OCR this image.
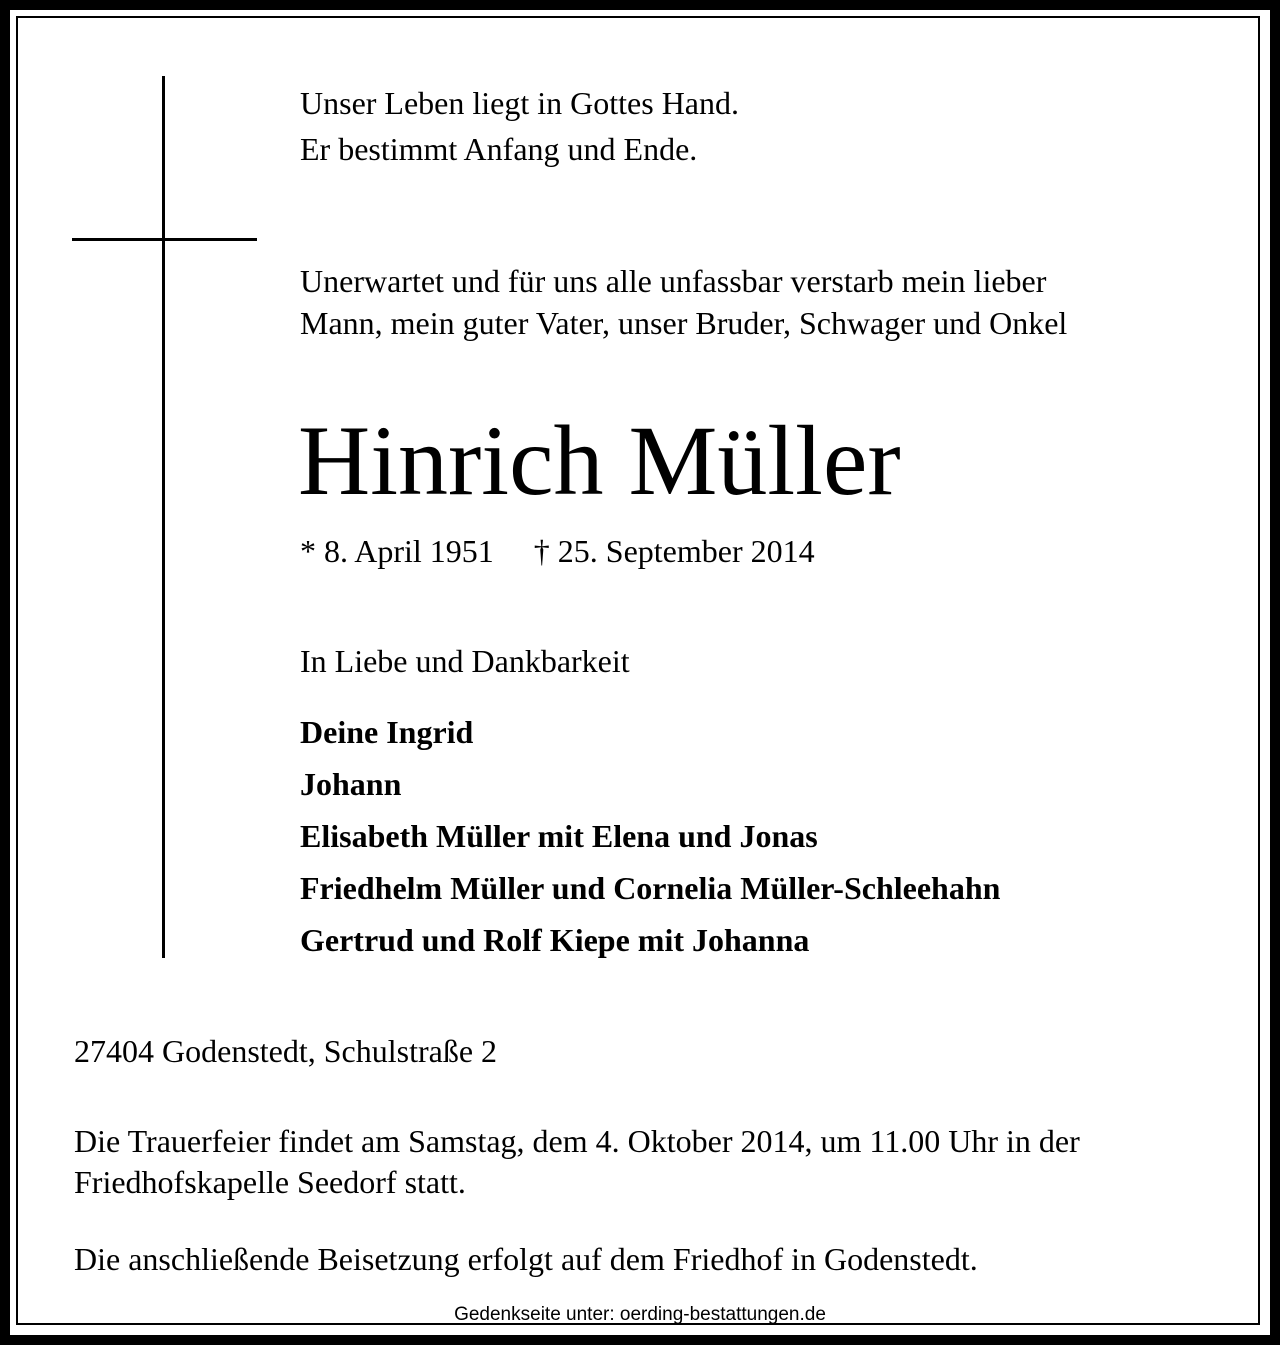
Unser Leben liegt in Gottes Hand.
Er bestimmt Anfang und Ende.
Unerwartet und für uns alle unfassbar verstarb mein lieber
Mann, mein guter Vater, unser Bruder, Schwager und Onkel
Hinrich Müller
* 8. April 1951 † 25. September 2014
In Liebe und Dankbarkeit
Deine Ingrid
Johann
Elisabeth Müller mit Elena und Jonas
Friedhelm Müller und Cornelia Müller-Schleehahn
Gertrud und Rolf Kiepe mit Johanna
27404 Godenstedt, Schulstraße 2
Die Trauerfeier findet am Samstag, dem 4. Oktober 2014, um 11.00 Uhr in der
Friedhofskapelle Seedorf statt.
Die anschließende Beisetzung erfolgt auf dem Friedhof in Godenstedt.
Gedenkseite unter: oerding-bestattungen.de
